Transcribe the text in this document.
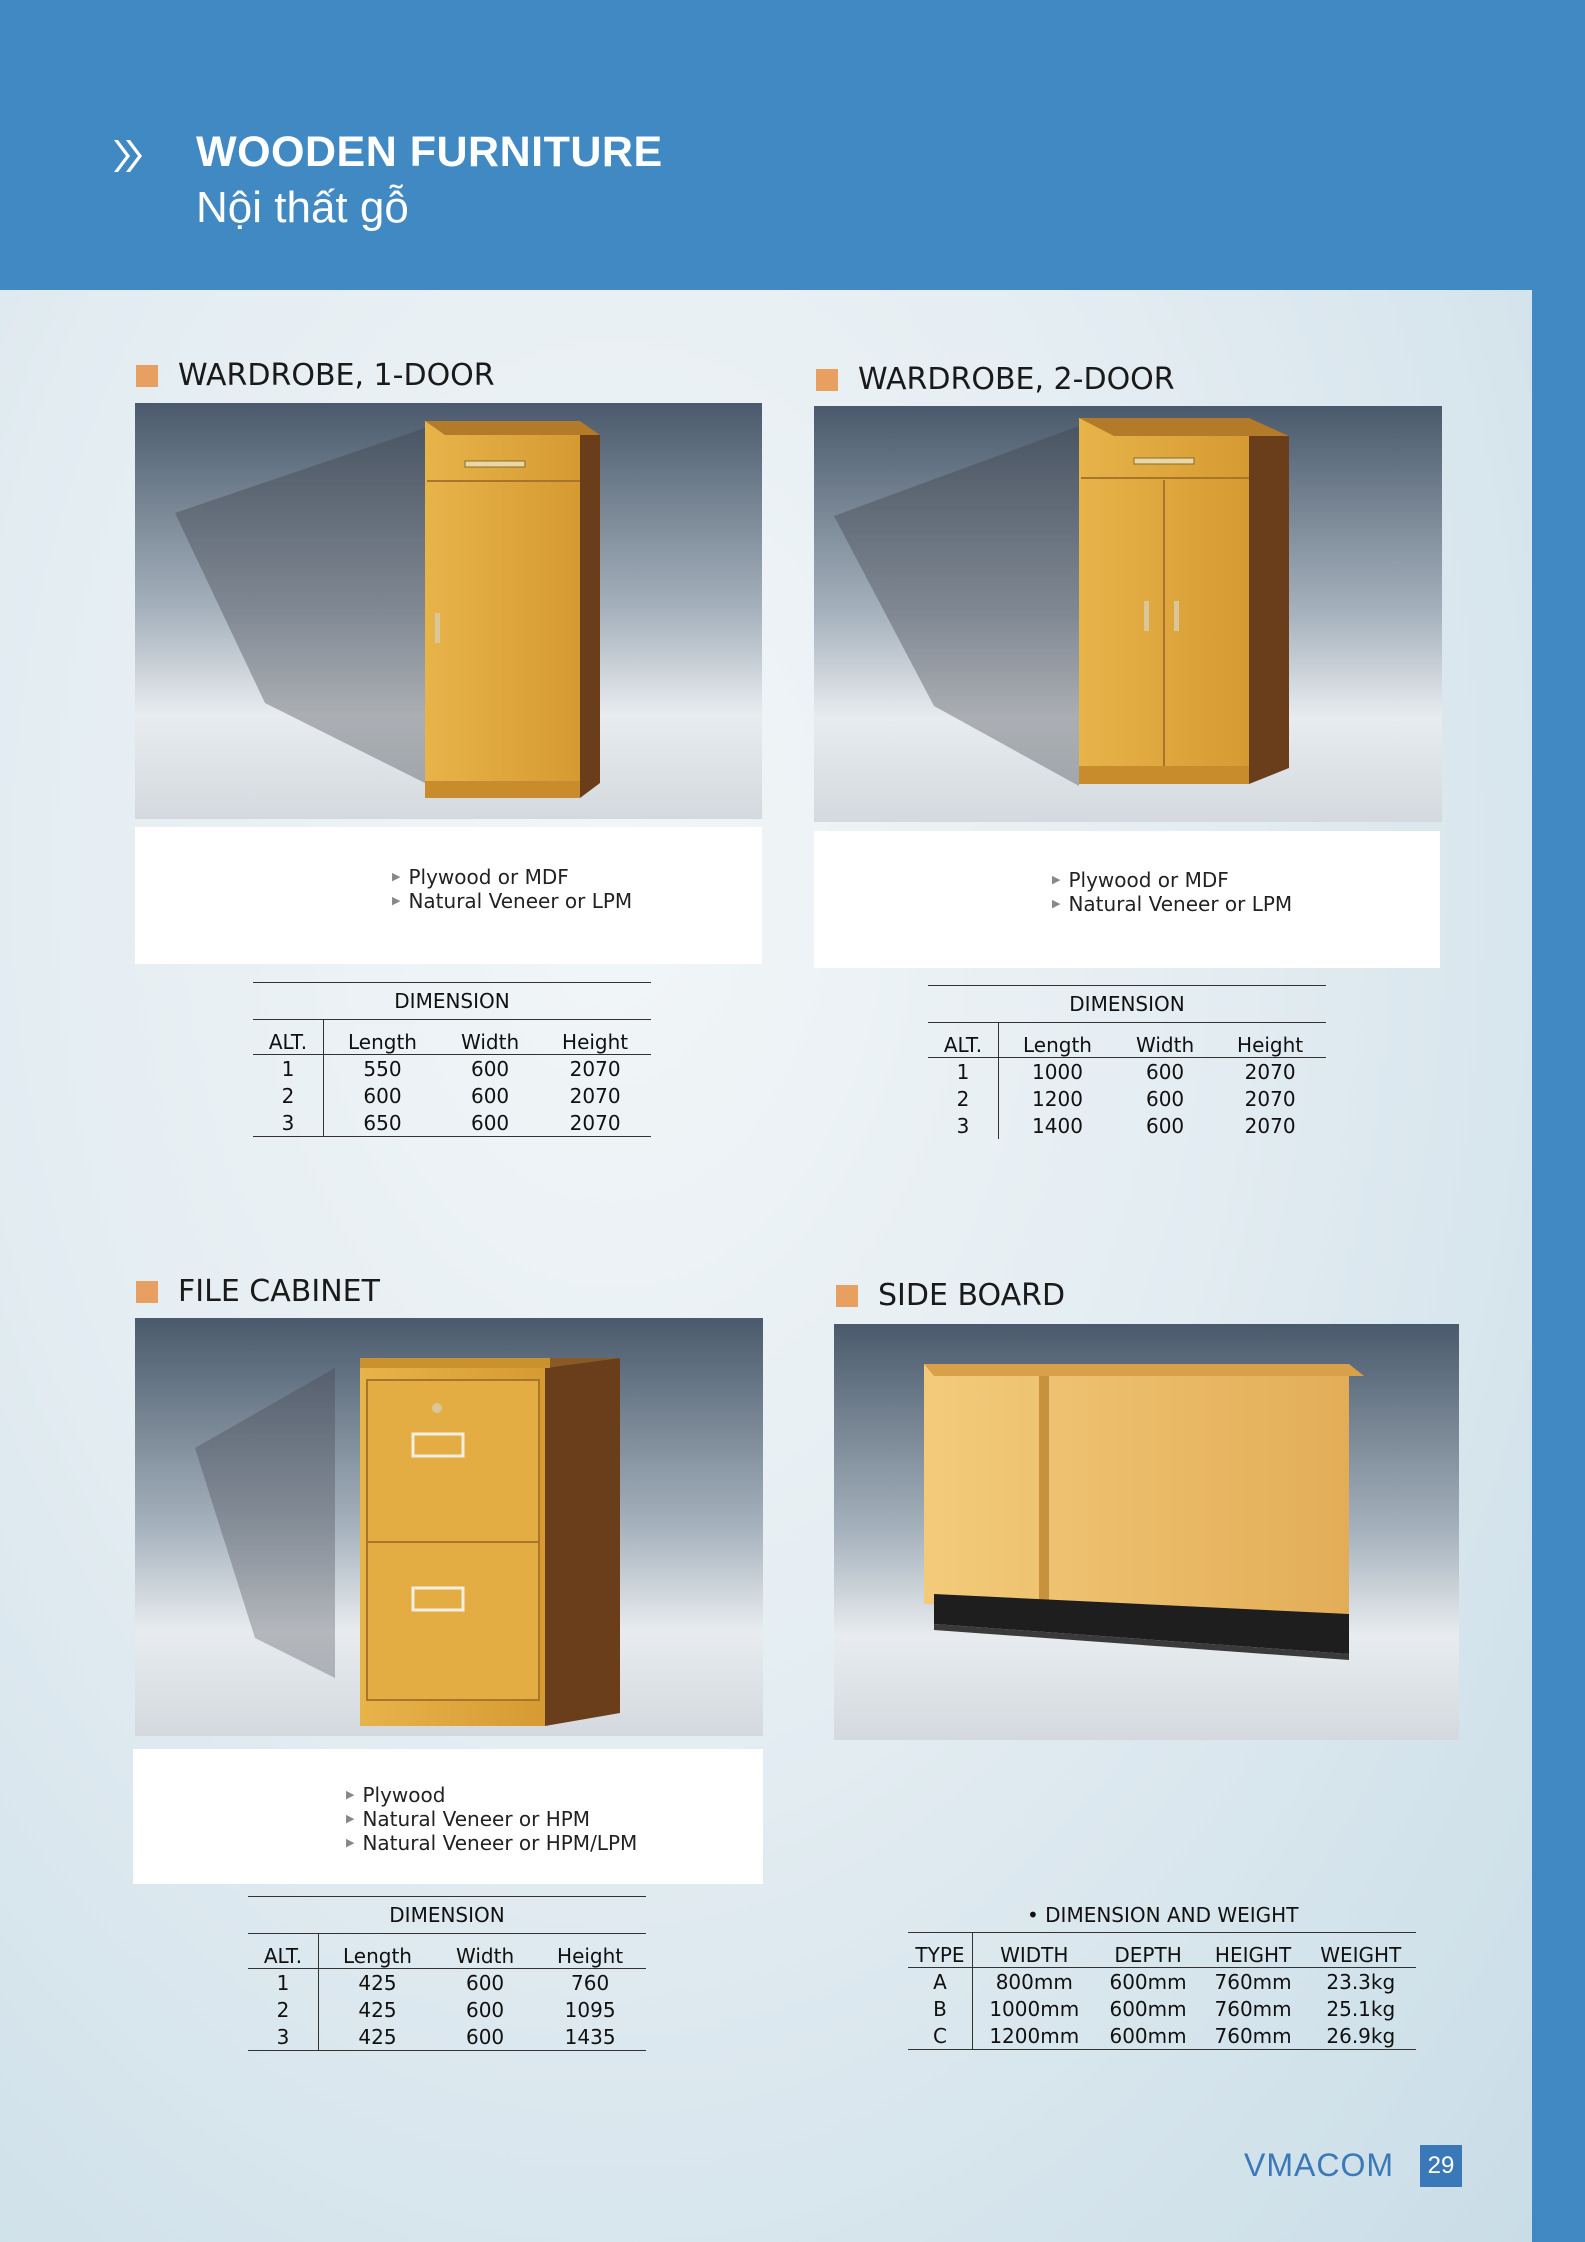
WOODEN FURNITURE
Nội thất gỗ
WARDROBE, 1-DOOR
▶ Plywood or MDF
▶ Natural Veneer or LPM
DIMENSION			
ALT.	Length	Width	Height
1	550	600	2070
2	600	600	2070
3	650	600	2070
WARDROBE, 2-DOOR
▶ Plywood or MDF
▶ Natural Veneer or LPM
DIMENSION			
ALT.	Length	Width	Height
1	1000	600	2070
2	1200	600	2070
3	1400	600	2070
FILE CABINET
▶ Plywood
▶ Natural Veneer or HPM
▶ Natural Veneer or HPM/LPM
DIMENSION			
ALT.	Length	Width	Height
1	425	600	760
2	425	600	1095
3	425	600	1435
SIDE BOARD
• DIMENSION AND WEIGHT
TYPE	WIDTH	DEPTH	HEIGHT	WEIGHT
A	800mm	600mm	760mm	23.3kg
B	1000mm	600mm	760mm	25.1kg
C	1200mm	600mm	760mm	26.9kg
VMACOM	29
